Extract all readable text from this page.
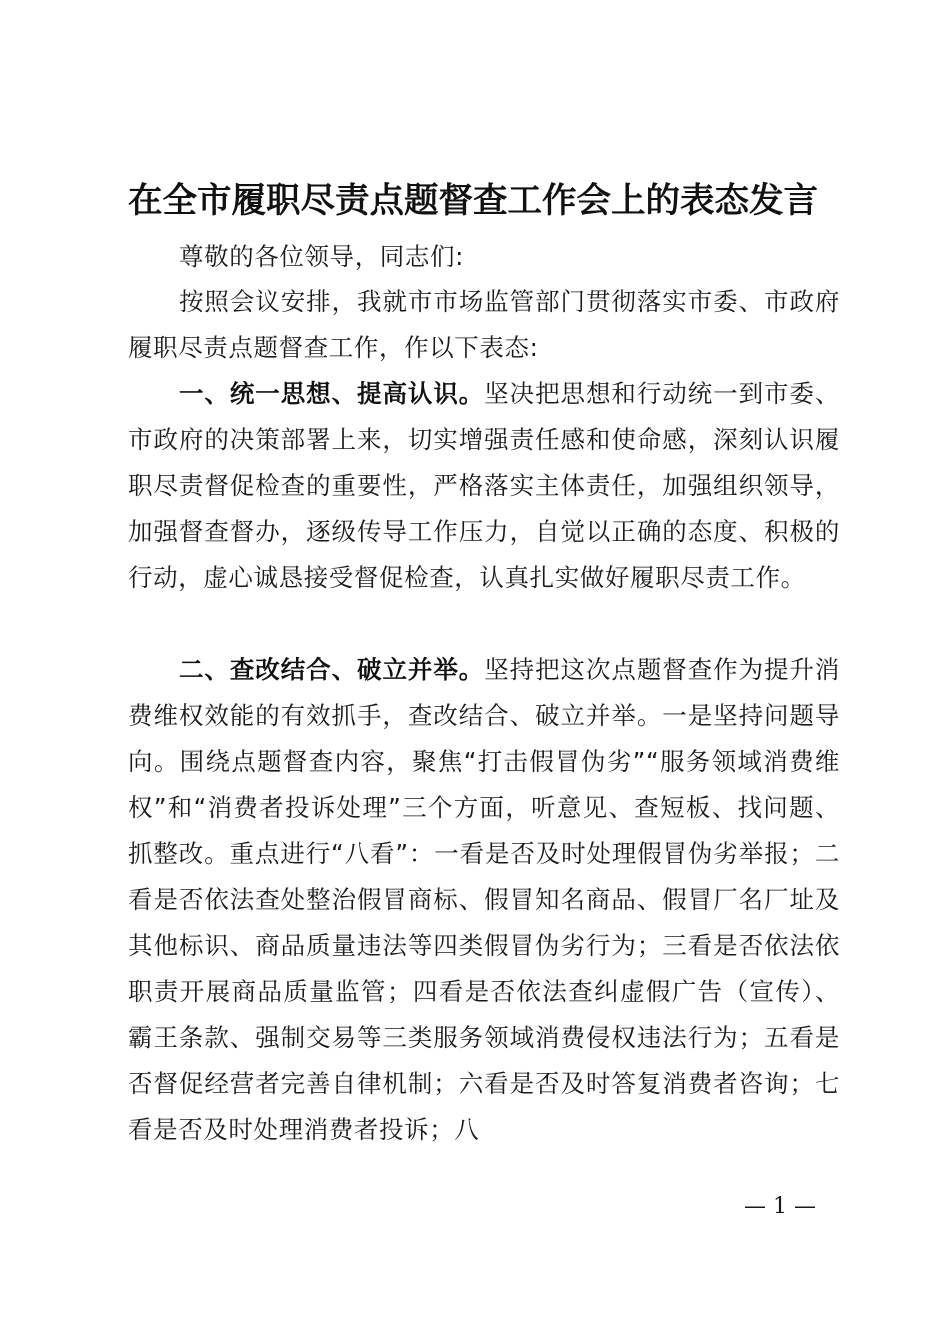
在全市履职尽责点题督查工作会上的表态发言

尊敬的各位领导，同志们:

按照会议安排，我就市市场监管部门贯彻落实市委、市政府履职尽责点题督查工作，作以下表态:

一、统一思想、提高认识。坚决把思想和行动统一到市委、市政府的决策部署上来，切实增强责任感和使命感，深刻认识履职尽责督促检查的重要性，严格落实主体责任，加强组织领导，加强督查督办，逐级传导工作压力，自觉以正确的态度、积极的行动，虚心诚恳接受督促检查，认真扎实做好履职尽责工作。

二、查改结合、破立并举。坚持把这次点题督查作为提升消费维权效能的有效抓手，查改结合、破立并举。一是坚持问题导向。围绕点题督查内容，聚焦“打击假冒伪劣”“服务领域消费维权”和“消费者投诉处理”三个方面，听意见、查短板、找问题、抓整改。重点进行“八看”：一看是否及时处理假冒伪劣举报；二看是否依法查处整治假冒商标、假冒知名商品、假冒厂名厂址及其他标识、商品质量违法等四类假冒伪劣行为；三看是否依法依职责开展商品质量监管；四看是否依法查纠虚假广告（宣传）、霸王条款、强制交易等三类服务领域消费侵权违法行为；五看是否督促经营者完善自律机制；六看是否及时答复消费者咨询；七看是否及时处理消费者投诉；八

— 1 —
